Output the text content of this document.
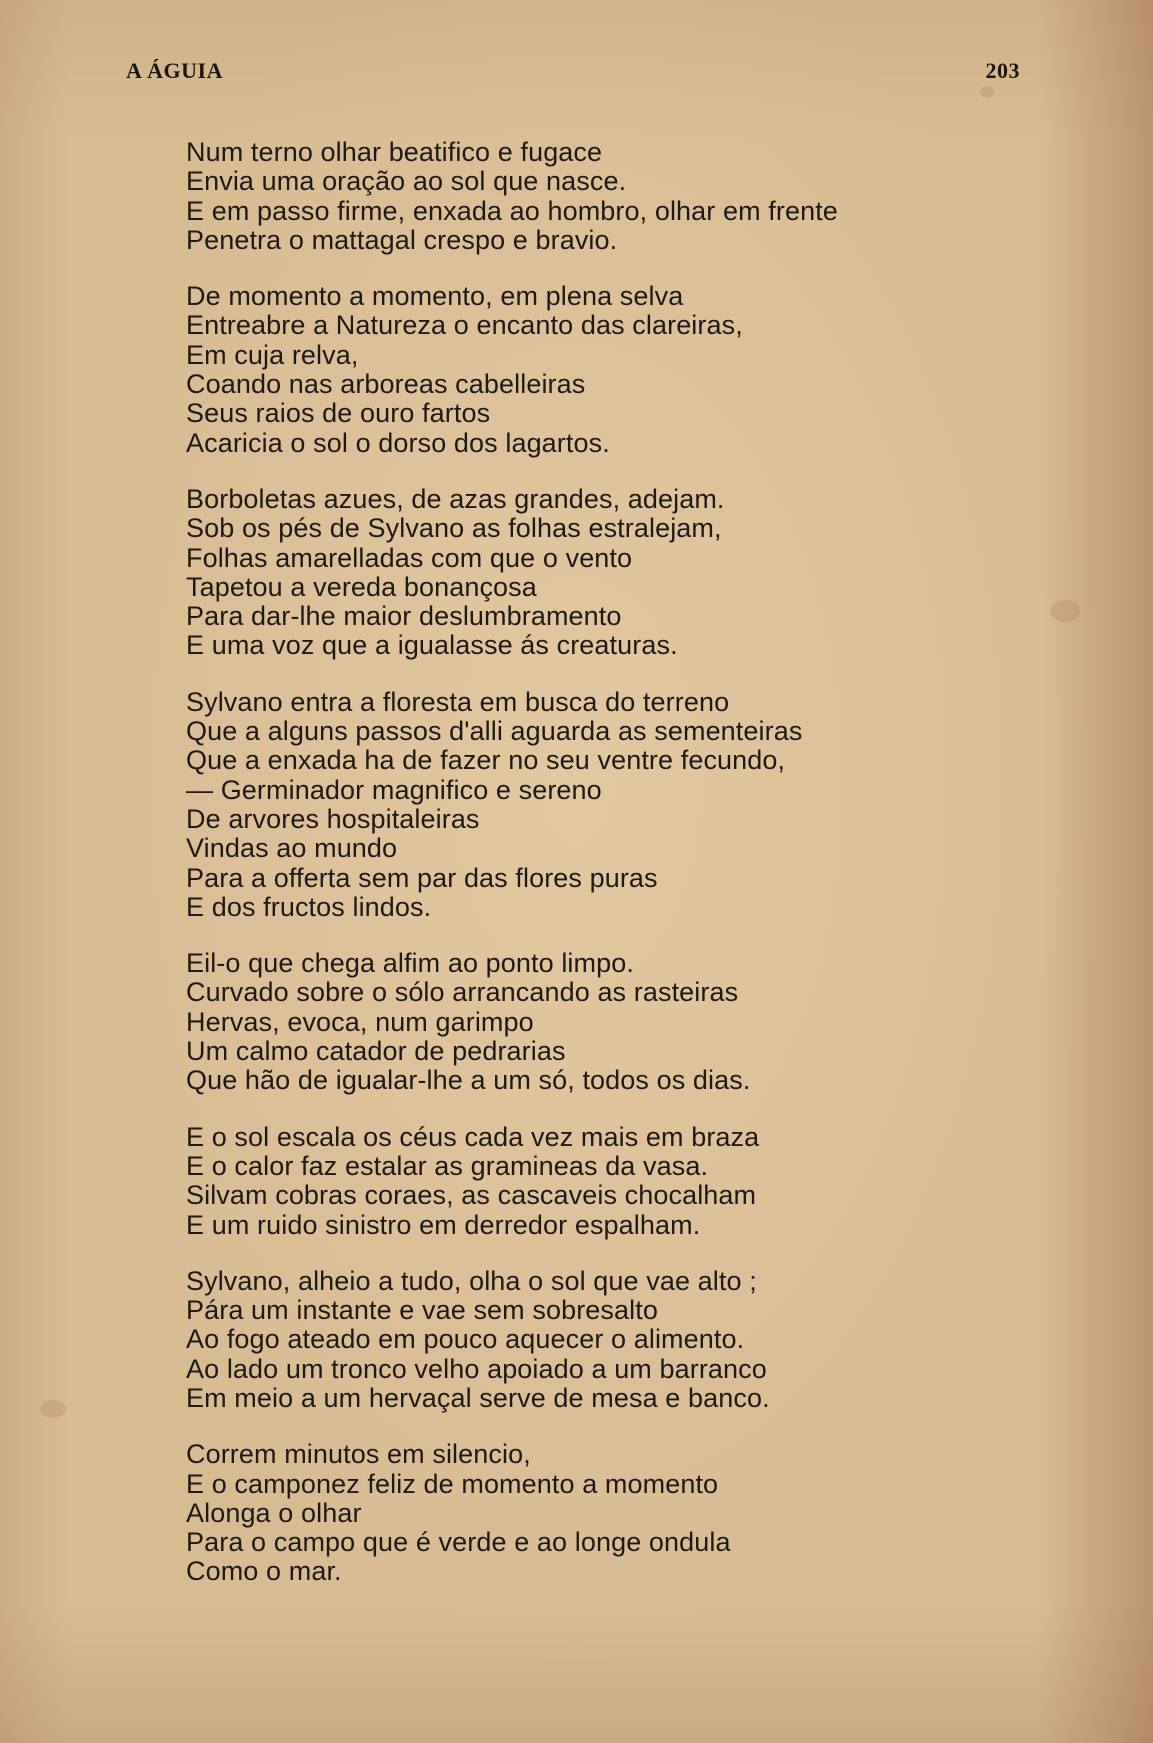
A ÁGUIA	203
Num terno olhar beatifico e fugace
Envia uma oração ao sol que nasce.
E em passo firme, enxada ao hombro, olhar em frente
Penetra o mattagal crespo e bravio.
De momento a momento, em plena selva
Entreabre a Natureza o encanto das clareiras,
Em cuja relva,
Coando nas arboreas cabelleiras
Seus raios de ouro fartos
Acaricia o sol o dorso dos lagartos.
Borboletas azues, de azas grandes, adejam.
Sob os pés de Sylvano as folhas estralejam,
Folhas amarelladas com que o vento
Tapetou a vereda bonançosa
Para dar-lhe maior deslumbramento
E uma voz que a igualasse ás creaturas.
Sylvano entra a floresta em busca do terreno
Que a alguns passos d'alli aguarda as sementeiras
Que a enxada ha de fazer no seu ventre fecundo,
— Germinador magnifico e sereno
De arvores hospitaleiras
Vindas ao mundo
Para a offerta sem par das flores puras
E dos fructos lindos.
Eil-o que chega alfim ao ponto limpo.
Curvado sobre o sólo arrancando as rasteiras
Hervas, evoca, num garimpo
Um calmo catador de pedrarias
Que hão de igualar-lhe a um só, todos os dias.
E o sol escala os céus cada vez mais em braza
E o calor faz estalar as gramineas da vasa.
Silvam cobras coraes, as cascaveis chocalham
E um ruido sinistro em derredor espalham.
Sylvano, alheio a tudo, olha o sol que vae alto ;
Pára um instante e vae sem sobresalto
Ao fogo ateado em pouco aquecer o alimento.
Ao lado um tronco velho apoiado a um barranco
Em meio a um hervaçal serve de mesa e banco.
Correm minutos em silencio,
E o camponez feliz de momento a momento
Alonga o olhar
Para o campo que é verde e ao longe ondula
Como o mar.
